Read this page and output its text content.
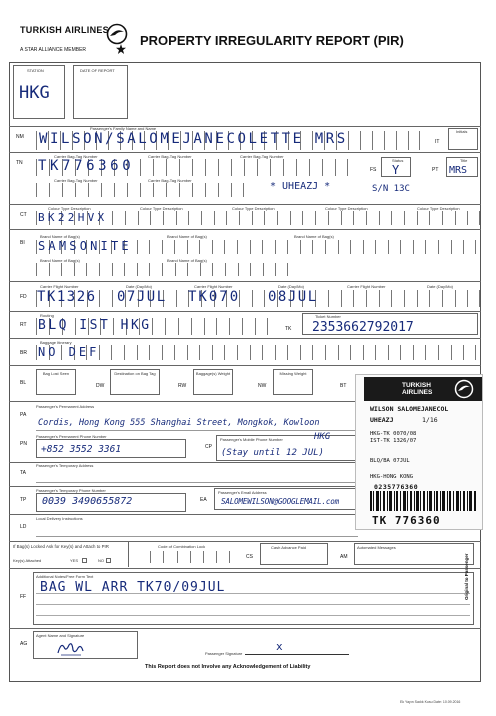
TURKISH AIRLINES
A STAR ALLIANCE MEMBER
PROPERTY IRREGULARITY REPORT (PIR)
STATION
HKG
DATE OF REPORT
NM
Passenger's Family Name and Name
WILSON/SALOMEJANECOLETTE MRS	IT
Initials
TN
Carrier Bag-Tag Number	Carrier Bag-Tag Number	Carrier Bag-Tag Number
TK776360
Carrier Bag-Tag Number	Carrier Bag-Tag Number
FS
Status
Y	PT
Title
MRS
* UHEAZJ *	S/N 13C
CT
Colour Type Description	Colour Type Description	Colour Type Description	Colour Type Description	Colour Type Description
BK22HVX
BI
Brand Name of Bag(s)	Brand Name of Bag(s)	Brand Name of Bag(s)
SAMSONITE
Brand Name of Bag(s)	Brand Name of Bag(s)
FD
Carrier Flight Number	Date (Day/Mo)	Carrier Flight Number	Date (Day/Mo)	Carrier Flight Number	Date (Day/Mo)
TK1326 07JUL TK070 08JUL
RT
Routing
BLQ IST HKG	TK
Ticket Number
2353662792017
BR
Baggage Itinerary
NO DEF
BL
Bag Lost Seen
DW
Destination on Bag Tag
RW
Baggage(s) Weight
NW
Missing Weight
BT
PA
Passenger's Permanent Address
Cordis, Hong Kong 555 Shanghai Street, Mongkok, Kowloon
PN
Passenger's Permanent Phone Number
+852 3552 3361	CP
Passenger's Mobile Phone Number	HKG
(Stay until 12 JUL)
TA
Passenger's Temporary Address
TP
Passenger's Temporary Phone Number
0039 3490655872	EA
Passenger's Email Address
SALOMEWILSON@GOOGLEMAIL.com
LD
Local Delivery Instructions
If Bag(s) Locked Ask for Key(s) and Attach to PIR
Key(s) Attached	YES	NO
Code of Combination Lock
CS
Cash Advance Paid
AM
Automated Messages
FF
Additional Notes/Free Form Text
BAG WL ARR TK70/09JUL
AG
Agent Name and Signature
Passenger Signature
x
This Report does not Involve any Acknowledgement of Liability
Original to Passenger
Ek Yayın Sadık Kusu Date: 10.09.2016
TURKISH AIRLINES
WILSON SALOMEJANECOL
UHEAZJ	1/16
HKG-TK 0070/08
IST-TK 1326/07
BLQ/BA 07JUL
HKG-HONG KONG
0235776360
TK 776360
